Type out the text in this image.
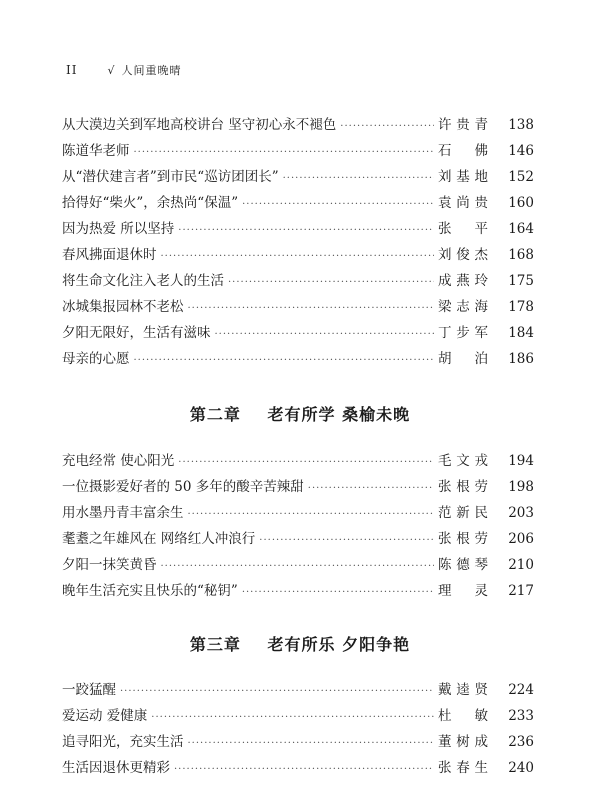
II	√ 人间重晚晴
从大漠边关到军地高校讲台 坚守初心永不褪色 ·····	许贵青	138
陈道华老师 ·····	石 佛	146
从“潜伏建言者”到市民“巡访团团长” ·····	刘基地	152
拾得好“柴火”，余热尚“保温” ·····	袁尚贵	160
因为热爱 所以坚持 ·····	张 平	164
春风拂面退休时 ·····	刘俊杰	168
将生命文化注入老人的生活 ·····	成燕玲	175
冰城集报园林不老松 ·····	梁志海	178
夕阳无限好，生活有滋味 ·····	丁步军	184
母亲的心愿 ·····	胡 泊	186
第二章 老有所学 桑榆未晚
充电经常 使心阳光 ·····	毛文戎	194
一位摄影爱好者的 50 多年的酸辛苦辣甜 ·····	张根劳	198
用水墨丹青丰富余生 ·····	范新民	203
耄耋之年雄风在 网络红人冲浪行 ·····	张根劳	206
夕阳一抹笑黄昏 ·····	陈德琴	210
晚年生活充实且快乐的“秘钥” ·····	理 灵	217
第三章 老有所乐 夕阳争艳
一跤猛醒 ·····	戴逵贤	224
爱运动 爱健康 ·····	杜 敏	233
追寻阳光，充实生活 ·····	董树成	236
生活因退休更精彩 ·····	张春生	240
